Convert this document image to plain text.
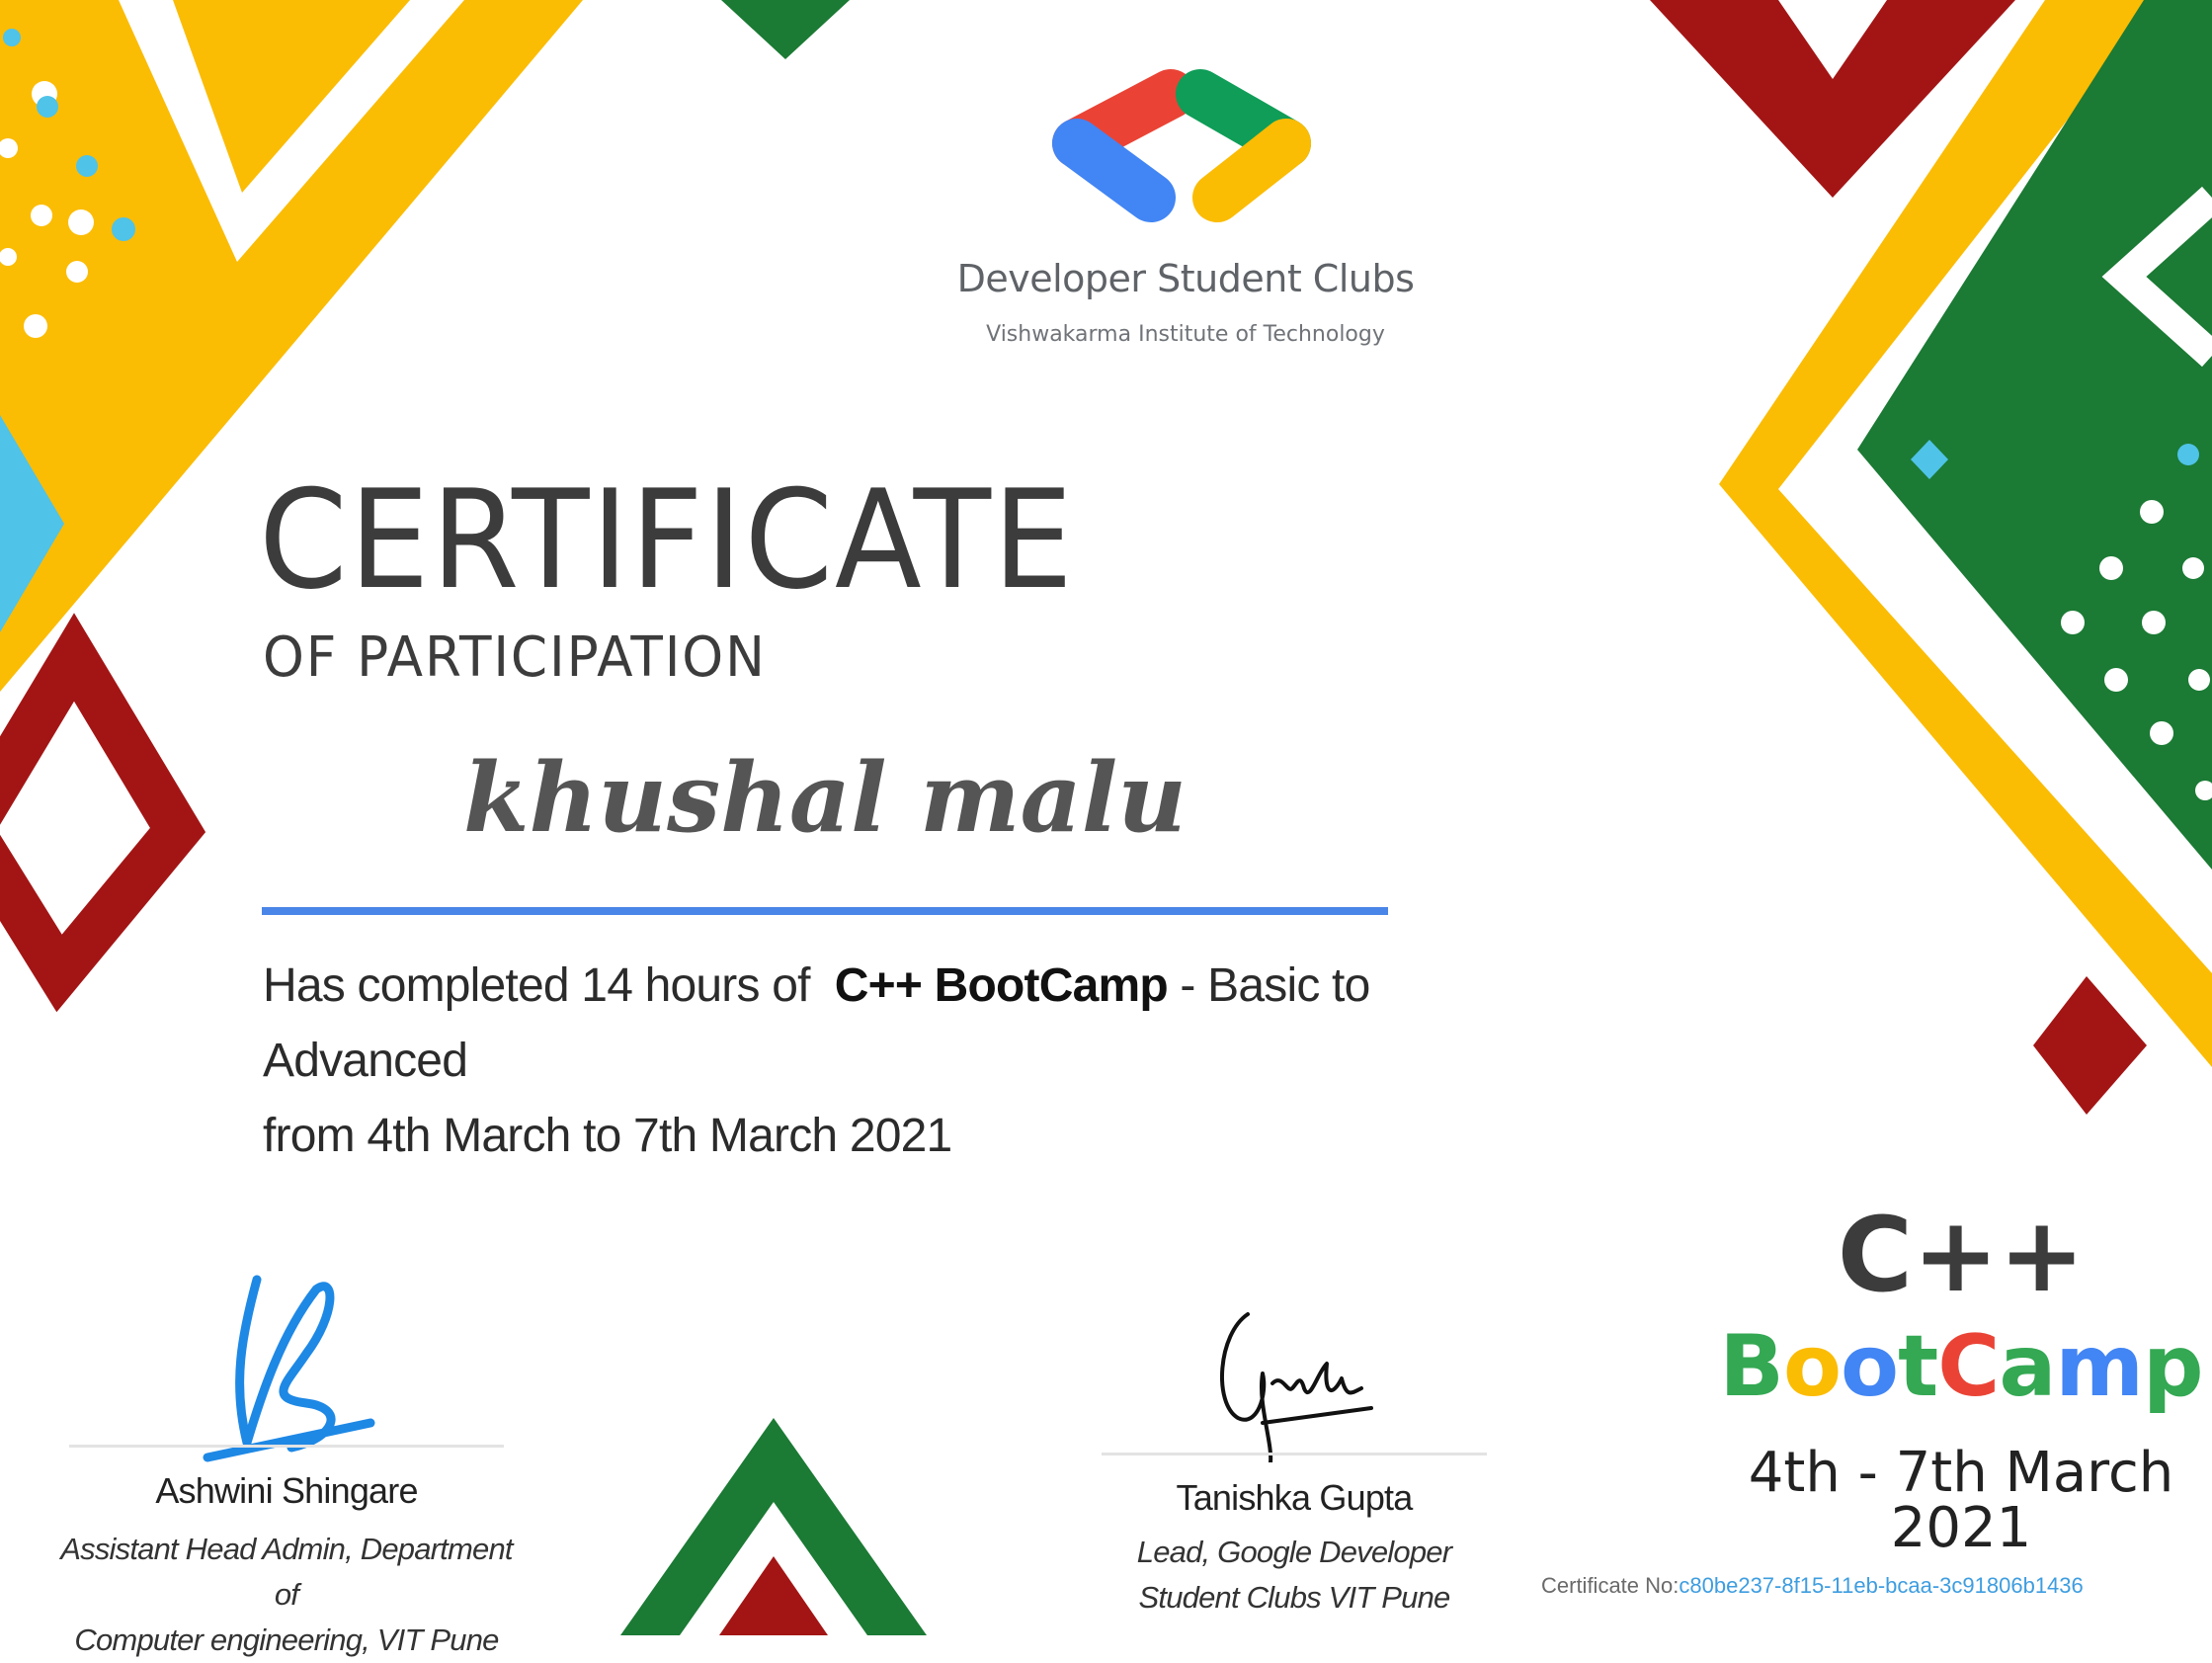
Developer Student Clubs
Vishwakarma Institute of Technology
CERTIFICATE
OF PARTICIPATION
khushal malu
Has completed 14 hours of C++ BootCamp - Basic to Advanced
from 4th March to 7th March 2021
Ashwini Shingare
Assistant Head Admin, Department of
Computer engineering, VIT Pune
Tanishka Gupta
Lead, Google Developer
Student Clubs VIT Pune
C++
BootCamp
4th - 7th March 2021
Certificate No:c80be237-8f15-11eb-bcaa-3c91806b1436
